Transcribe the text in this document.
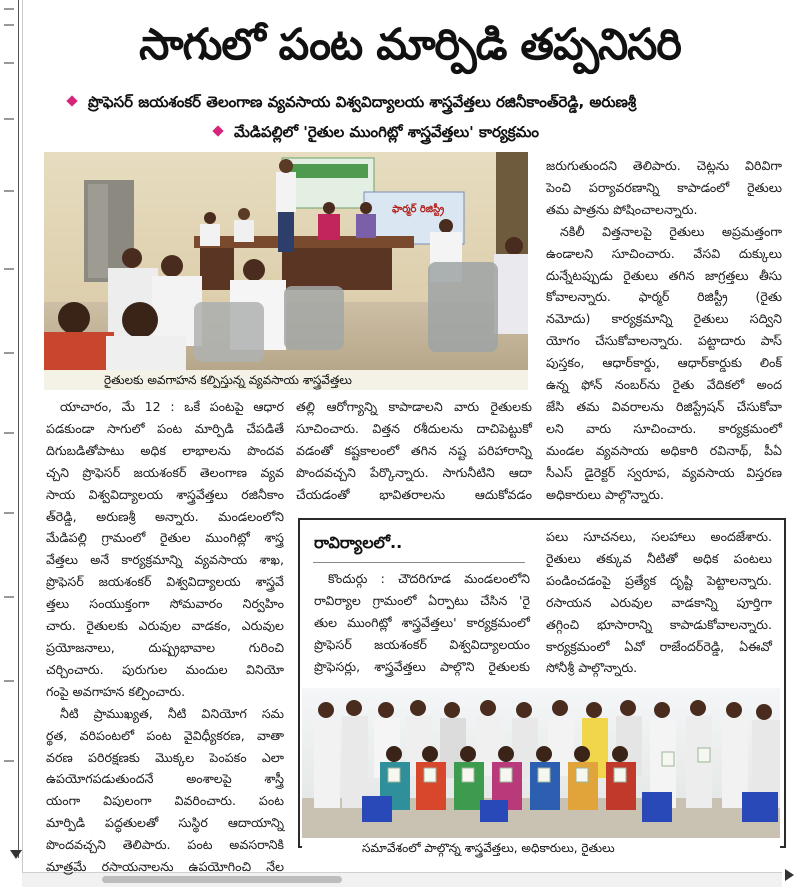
సాగులో పంట మార్పిడి తప్పనిసరి
ప్రొఫెసర్ జయశంకర్ తెలంగాణ వ్యవసాయ విశ్వవిద్యాలయ శాస్త్రవేత్తలు రజినీకాంత్‌రెడ్డి, అరుణశ్రీ
మేడిపల్లిలో 'రైతుల ముంగిట్లో శాస్త్రవేత్తలు' కార్యక్రమం
ఫార్మర్ రిజిస్ట్రీ
రైతులకు అవగాహన కల్పిస్తున్న వ్యవసాయ శాస్త్రవేత్తలు

జరుగుతుందని తెలిపారు. చెట్లను విరివిగా

పెంచి పర్యావరణాన్ని కాపాడంలో రైతులు

తమ పాత్రను పోషించాలన్నారు.

నకిలీ విత్తనాలపై రైతులు అప్రమత్తంగా

ఉండాలని సూచించారు. వేసవి దుక్కులు

దున్నేటప్పుడు రైతులు తగిన జాగ్రత్తలు తీసు

కోవాలన్నారు. ఫార్మర్ రిజిస్ట్రీ (రైతు

నమోదు) కార్యక్రమాన్ని రైతులు సద్విని

యోగం చేసుకోవాలన్నారు. పట్టాదారు పాస్

పుస్తకం, ఆధార్‌కార్డు, ఆధార్‌కార్డుకు లింక్

ఉన్న ఫోన్ నంబర్‌ను రైతు వేదికలో అంద

జేసి తమ వివరాలను రిజిస్ట్రేషన్ చేసుకోవా

లని వారు సూచించారు. కార్యక్రమంలో

మండల వ్యవసాయ అధికారి రవినాథ్, పీఏ

సీఎస్ డైరెక్టర్ స్వరూప, వ్యవసాయ విస్తరణ

అధికారులు పాల్గొన్నారు.

యాచారం, మే 12 : ఒకే పంటపై ఆధార

పడకుండా సాగులో పంట మార్పిడి చేపడితే

దిగుబడితోపాటు అధిక లాభాలను పొందవ

చ్చని ప్రొఫెసర్ జయశంకర్ తెలంగాణ వ్యవ

సాయ విశ్వవిద్యాలయ శాస్త్రవేత్తలు రజినీకాం

త్‌రెడ్డి, అరుణశ్రీ అన్నారు. మండలంలోని

మేడిపల్లి గ్రామంలో రైతుల ముంగిట్లో శాస్త్ర

వేత్తలు అనే కార్యక్రమాన్ని వ్యవసాయ శాఖ,

ప్రొఫెసర్ జయశంకర్ విశ్వవిద్యాలయ శాస్త్రవే

త్తలు సంయుక్తంగా సోమవారం నిర్వహిం

చారు. రైతులకు ఎరువుల వాడకం, ఎరువుల

ప్రయోజనాలు, దుష్ప్రభావాల గురించి

చర్చించారు. పురుగుల మందుల వినియో

గంపై అవగాహన కల్పించారు.

నీటి ప్రాముఖ్యత, నీటి వినియోగ సమ

ర్థత, వరిపంటలో పంట వైవిధ్యీకరణ, వాతా

వరణ పరిరక్షణకు మొక్కల పెంపకం ఎలా

ఉపయోగపడుతుందనే అంశాలపై శాస్త్రీ

యంగా విపులంగా వివరించారు. పంట

మార్పిడి పద్ధతులతో సుస్థిర ఆదాయాన్ని

పొందవచ్చని తెలిపారు. పంట అవసరానికి

మాత్రమే రసాయనాలను ఉపయోగించి నేల

తల్లి ఆరోగ్యాన్ని కాపాడాలని వారు రైతులకు

సూచించారు. విత్తన రశీదులను దాచిపెట్టుకో

వడంతో కష్టకాలంలో తగిన నష్ట పరిహారాన్ని

పొందవచ్చని పేర్కొన్నారు. సాగునీటిని ఆదా

చేయడంతో భావితరాలను ఆదుకోవడం

రావిర్యాలలో..

కొందుర్గు : చౌదరిగూడ మండలంలోని

రావిర్యాల గ్రామంలో ఏర్పాటు చేసిన 'రై

తుల ముంగిట్లో శాస్త్రవేత్తలు' కార్యక్రమంలో

ప్రొఫెసర్ జయశంకర్ విశ్వవిద్యాలయం

ప్రొఫెసర్లు, శాస్త్రవేత్తలు పాల్గొని రైతులకు

పలు సూచనలు, సలహాలు అందజేశారు.

రైతులు తక్కువ నీటితో అధిక పంటలు

పండించడంపై ప్రత్యేక దృష్టి పెట్టాలన్నారు.

రసాయన ఎరువుల వాడకాన్ని పూర్తిగా

తగ్గించి భూసారాన్ని కాపాడుకోవాలన్నారు.

కార్యక్రమంలో ఏవో రాజేందర్‌రెడ్డి, ఏఈవో

సోనీశ్రీ పాల్గొన్నారు.

సమావేశంలో పాల్గొన్న శాస్త్రవేత్తలు, అధికారులు, రైతులు
